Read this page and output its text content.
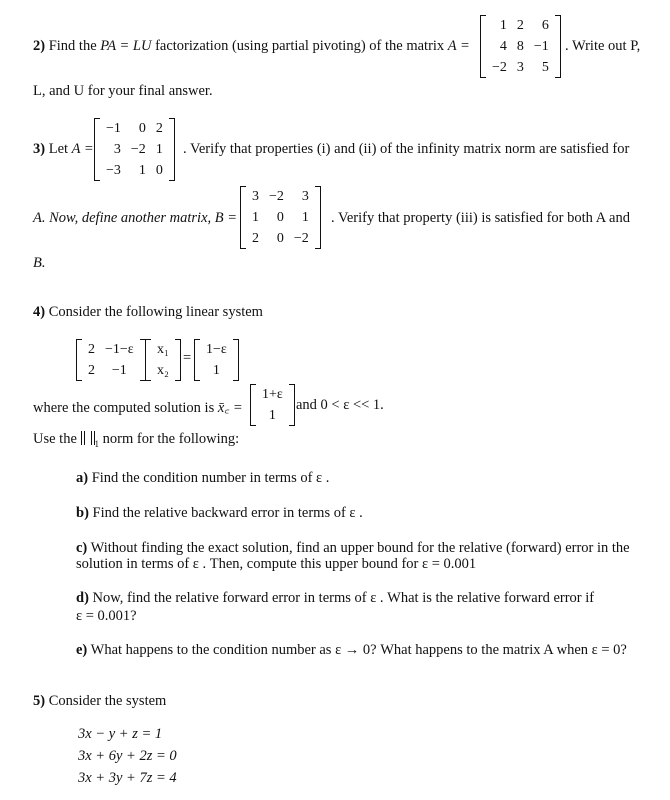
2) Find the PA = LU factorization (using partial pivoting) of the matrix A =
1	2	6
4	8	−1
−2	3	5
. Write out P,
L, and U for your final answer.
3) Let A =
−1	0	2
3	−2	1
−3	1	0
. Verify that properties (i) and (ii) of the infinity matrix norm are satisfied for
A. Now, define another matrix, B =
3	−2	3
1	0	1
2	0	−2
. Verify that property (iii) is satisfied for both A and
B.
4) Consider the following linear system
2	−1−ε
2	−1
x₁
x₂
=
1−ε
1
where the computed solution is x̄꜀ =
1+ε
1
and 0 < ε << 1.
Use the $_1$ norm for the following:
a) Find the condition number in terms of ε .
b) Find the relative backward error in terms of ε .
c) Without finding the exact solution, find an upper bound for the relative (forward) error in the
solution in terms of ε . Then, compute this upper bound for ε = 0.001
d) Now, find the relative forward error in terms of ε . What is the relative forward error if
ε = 0.001?
e) What happens to the condition number as ε → 0? What happens to the matrix A when ε = 0?
5) Consider the system
3x − y + z = 1
3x + 6y + 2z = 0
3x + 3y + 7z = 4
